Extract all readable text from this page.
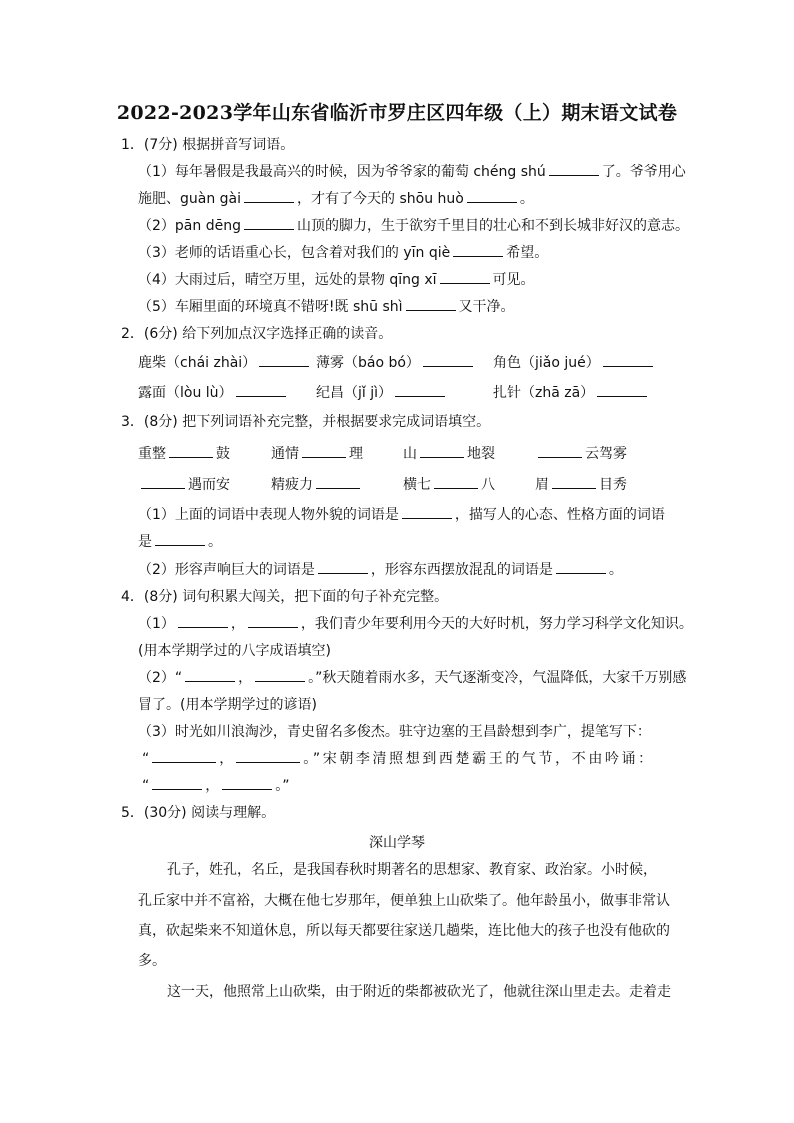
2022-2023学年山东省临沂市罗庄区四年级（上）期末语文试卷
1．(7分) 根据拼音写词语。
（1）每年暑假是我最高兴的时候，因为爷爷家的葡萄 chéng shú	了。爷爷用心
施肥、guàn gài	，才有了今天的 shōu huò	。
（2）pān dēng	山顶的脚力，生于欲穷千里目的壮心和不到长城非好汉的意志。
（3）老师的话语重心长，包含着对我们的 yīn qiè	希望。
（4）大雨过后，晴空万里，远处的景物 qīng xī	可见。
（5）车厢里面的环境真不错呀!既 shū shì	又干净。
2．(6分) 给下列加点汉字选择正确的读音。
鹿柴（chái zhài）	薄雾（báo bó）	角色（jiǎo jué）
露面（lòu lù）	纪昌（jǐ jì）	扎针（zhā zā）
3．(8分) 把下列词语补充完整，并根据要求完成词语填空。
重整	鼓	通情	理	山	地裂	云驾雾
遇而安	精疲力	横七	八	眉	目秀
（1）上面的词语中表现人物外貌的词语是	，描写人的心态、性格方面的词语
是	。
（2）形容声响巨大的词语是	，形容东西摆放混乱的词语是	。
4．(8分) 词句积累大闯关，把下面的句子补充完整。
（1）	，	，我们青少年要利用今天的大好时机，努力学习科学文化知识。
(用本学期学过的八字成语填空)
（2）“	，	。”秋天随着雨水多，天气逐渐变冷，气温降低，大家千万别感
冒了。(用本学期学过的谚语)
（3）时光如川浪淘沙，青史留名多俊杰。驻守边塞的王昌龄想到李广，提笔写下：
“	，	。”宋朝李清照想到西楚霸王的气节，不由吟诵：
“	，	。”
5．(30分) 阅读与理解。
深山学琴
孔子，姓孔，名丘，是我国春秋时期著名的思想家、教育家、政治家。小时候，
孔丘家中并不富裕，大概在他七岁那年，便单独上山砍柴了。他年龄虽小，做事非常认
真，砍起柴来不知道休息，所以每天都要往家送几趟柴，连比他大的孩子也没有他砍的
多。
这一天，他照常上山砍柴，由于附近的柴都被砍光了，他就往深山里走去。走着走
